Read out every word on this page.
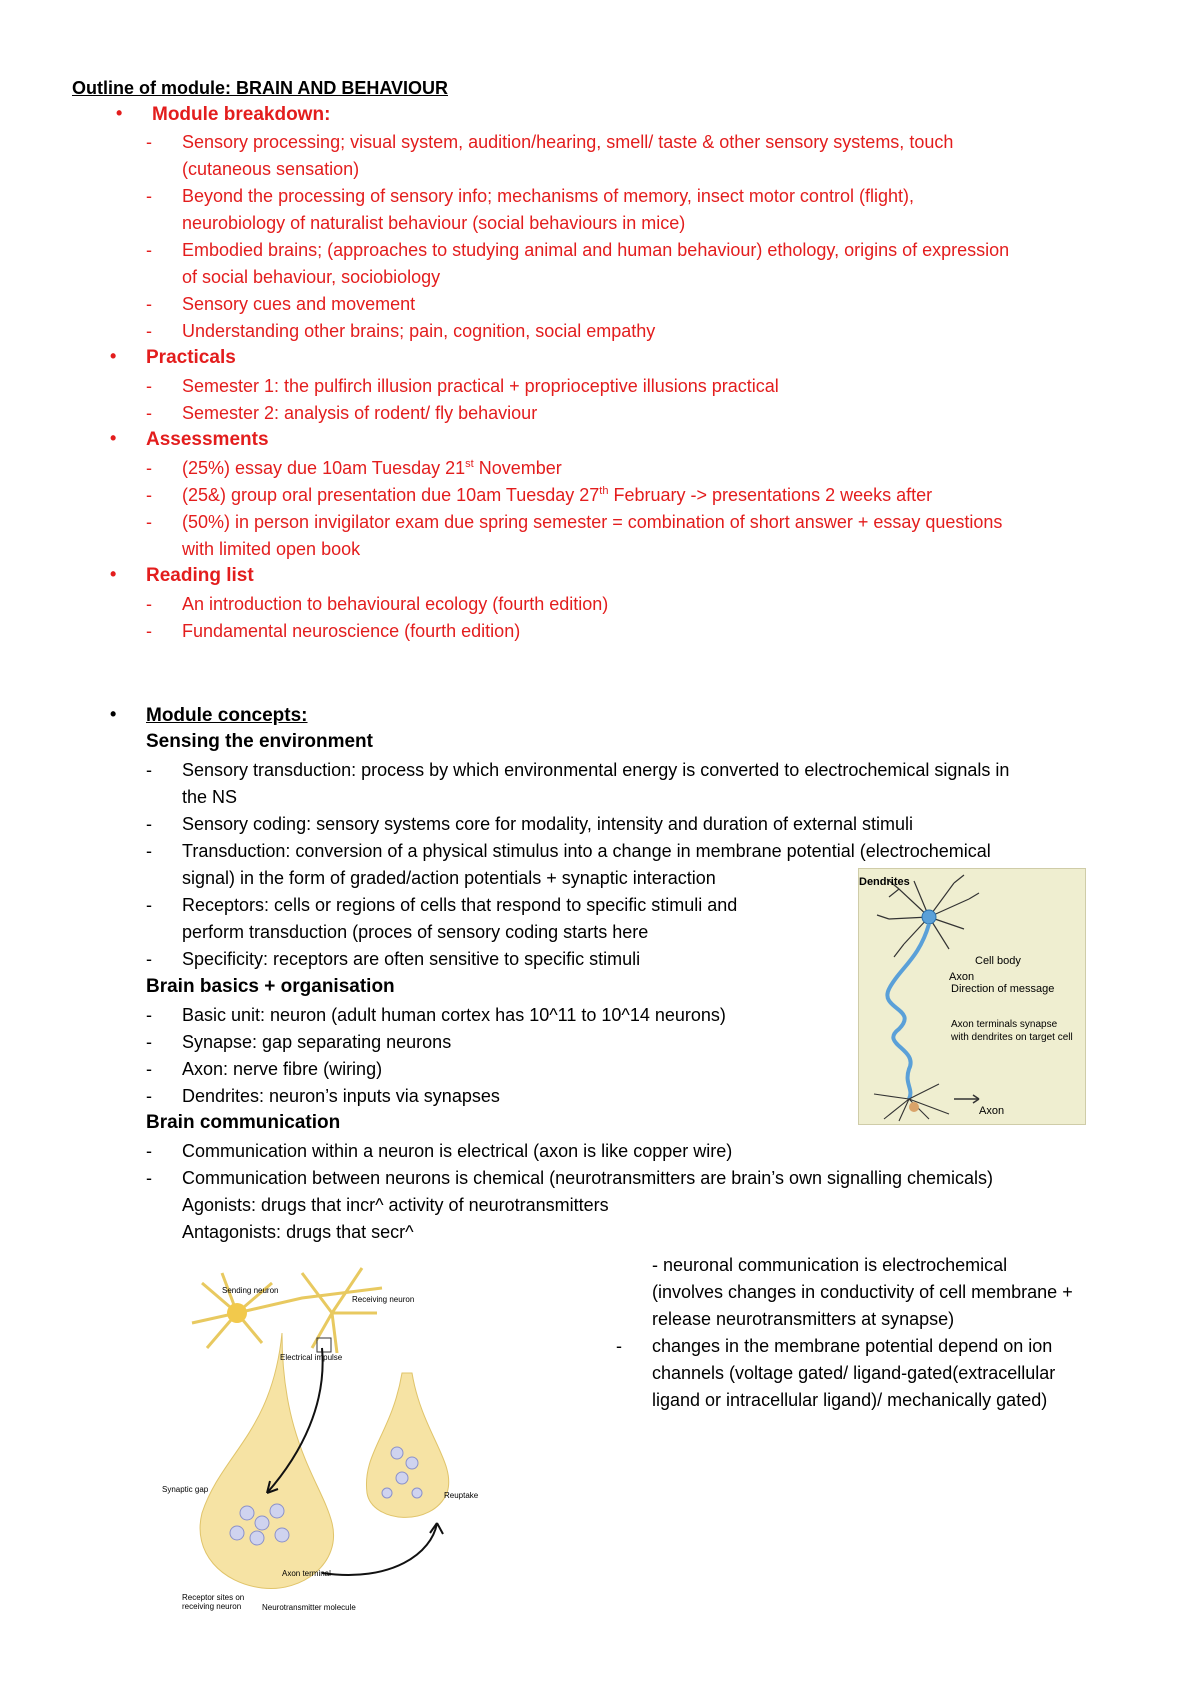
Outline of module: BRAIN AND BEHAVIOUR
• Module breakdown:
- Sensory processing; visual system, audition/hearing, smell/ taste & other sensory systems, touch
(cutaneous sensation)
- Beyond the processing of sensory info; mechanisms of memory, insect motor control (flight),
neurobiology of naturalist behaviour (social behaviours in mice)
- Embodied brains; (approaches to studying animal and human behaviour) ethology, origins of expression
of social behaviour, sociobiology
- Sensory cues and movement
- Understanding other brains; pain, cognition, social empathy
• Practicals
- Semester 1: the pulfirch illusion practical + proprioceptive illusions practical
- Semester 2: analysis of rodent/ fly behaviour
• Assessments
- (25%) essay due 10am Tuesday 21st November
- (25&) group oral presentation due 10am Tuesday 27th February -> presentations 2 weeks after
- (50%) in person invigilator exam due spring semester = combination of short answer + essay questions
with limited open book
• Reading list
- An introduction to behavioural ecology (fourth edition)
- Fundamental neuroscience (fourth edition)
• Module concepts:
Sensing the environment
- Sensory transduction: process by which environmental energy is converted to electrochemical signals in
the NS
- Sensory coding: sensory systems core for modality, intensity and duration of external stimuli
- Transduction: conversion of a physical stimulus into a change in membrane potential (electrochemical
signal) in the form of graded/action potentials + synaptic interaction
- Receptors: cells or regions of cells that respond to specific stimuli and
perform transduction (proces of sensory coding starts here
- Specificity: receptors are often sensitive to specific stimuli
Brain basics + organisation
- Basic unit: neuron (adult human cortex has 10^11 to 10^14 neurons)
- Synapse: gap separating neurons
- Axon: nerve fibre (wiring)
- Dendrites: neuron’s inputs via synapses
Brain communication
- Communication within a neuron is electrical (axon is like copper wire)
- Communication between neurons is chemical (neurotransmitters are brain’s own signalling chemicals)
Agonists: drugs that incr^ activity of neurotransmitters
Antagonists: drugs that secr^
- neuronal communication is electrochemical
(involves changes in conductivity of cell membrane +
release neurotransmitters at synapse)
- changes in the membrane potential depend on ion
channels (voltage gated/ ligand-gated(extracellular
ligand or intracellular ligand)/ mechanically gated)
Dendrites
Cell body
Axon
Direction of message
Axon terminals synapse
with dendrites on target cell
Axon
Sending neuron
Receiving neuron
Electrical impulse
Synaptic gap
Reuptake
Axon terminal
Neurotransmitter molecule
Receptor sites on receiving neuron
